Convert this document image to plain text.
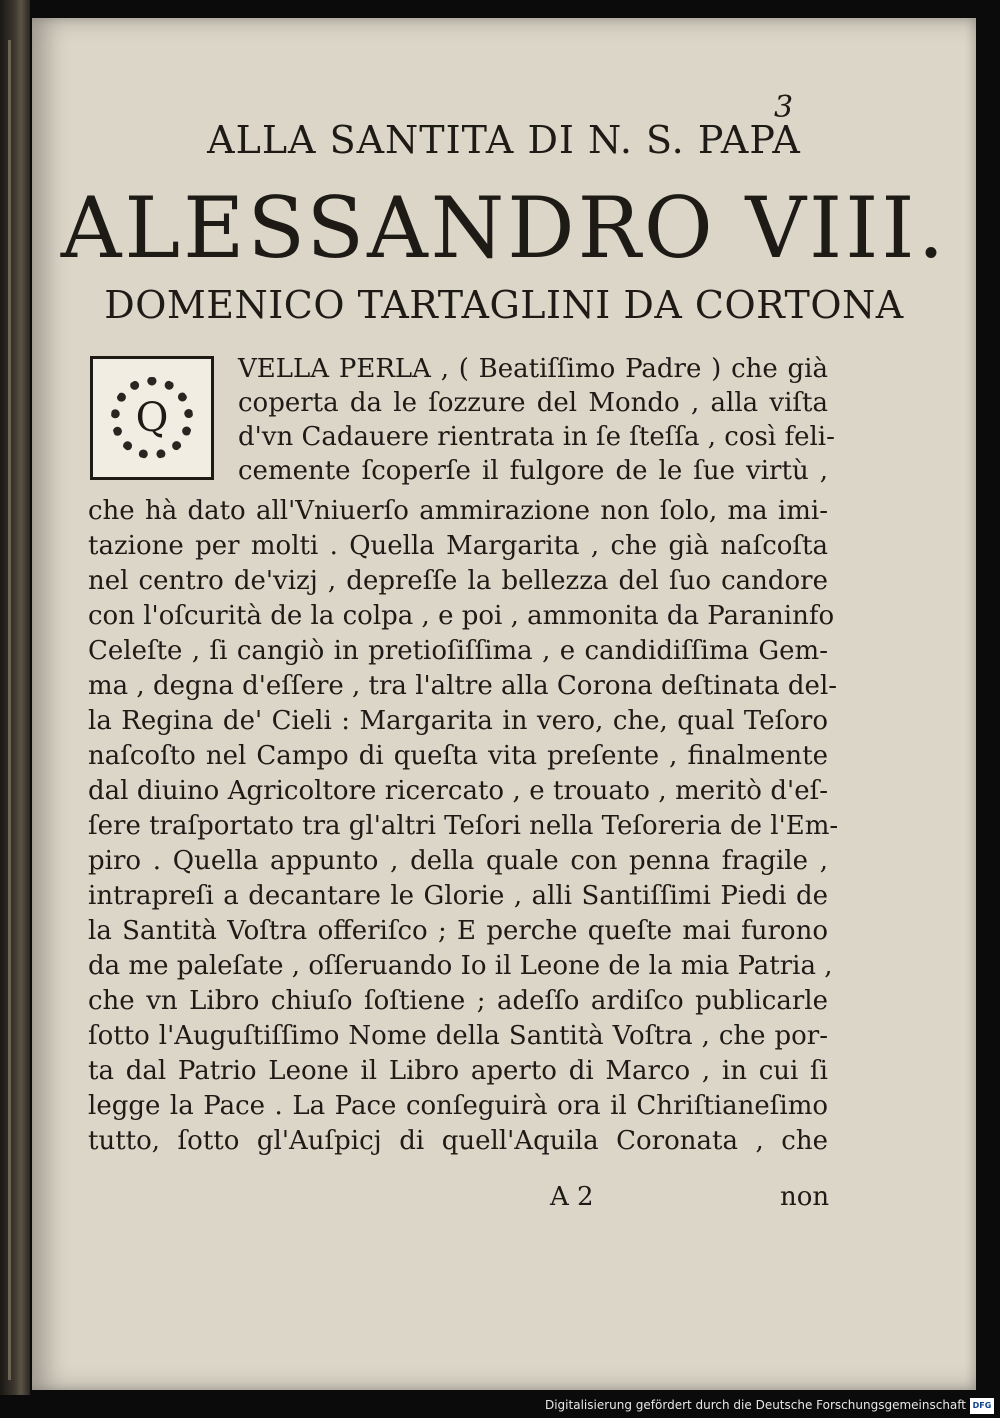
3
ALLA SANTITA DI N. S. PAPA
ALESSANDRO VIII.
DOMENICO TARTAGLINI DA CORTONA
Q
VELLA PERLA , ( Beatiſſimo Padre ) che già
coperta da le ſozzure del Mondo , alla viſta
d'vn Cadauere rientrata in ſe ſteſſa , così feli-
cemente ſcoperſe il fulgore de le ſue virtù ,
che hà dato all'Vniuerſo ammirazione non ſolo, ma imi-
tazione per molti . Quella Margarita , che già naſcoſta
nel centro de'vizj , depreſſe la bellezza del ſuo candore
con l'oſcurità de la colpa , e poi , ammonita da Paraninfo
Celeſte , ſi cangiò in pretioſiſſima , e candidiſſima Gem-
ma , degna d'eſſere , tra l'altre alla Corona deſtinata del-
la Regina de' Cieli : Margarita in vero, che, qual Teſoro
naſcoſto nel Campo di queſta vita preſente , finalmente
dal diuino Agricoltore ricercato , e trouato , meritò d'eſ-
ſere traſportato tra gl'altri Teſori nella Teſoreria de l'Em-
piro . Quella appunto , della quale con penna fragile ,
intrapreſi a decantare le Glorie , alli Santiſſimi Piedi de
la Santità Voſtra offeriſco ; E perche queſte mai furono
da me paleſate , oſſeruando Io il Leone de la mia Patria ,
che vn Libro chiuſo ſoſtiene ; adeſſo ardiſco publicarle
ſotto l'Auguſtiſſimo Nome della Santità Voſtra , che por-
ta dal Patrio Leone il Libro aperto di Marco , in cui ſi
legge la Pace . La Pace conſeguirà ora il Chriſtianeſimo
tutto, ſotto gl'Auſpicj di quell'Aquila Coronata , che
A 2	non
Digitalisierung gefördert durch die Deutsche Forschungsgemeinschaft DFG
